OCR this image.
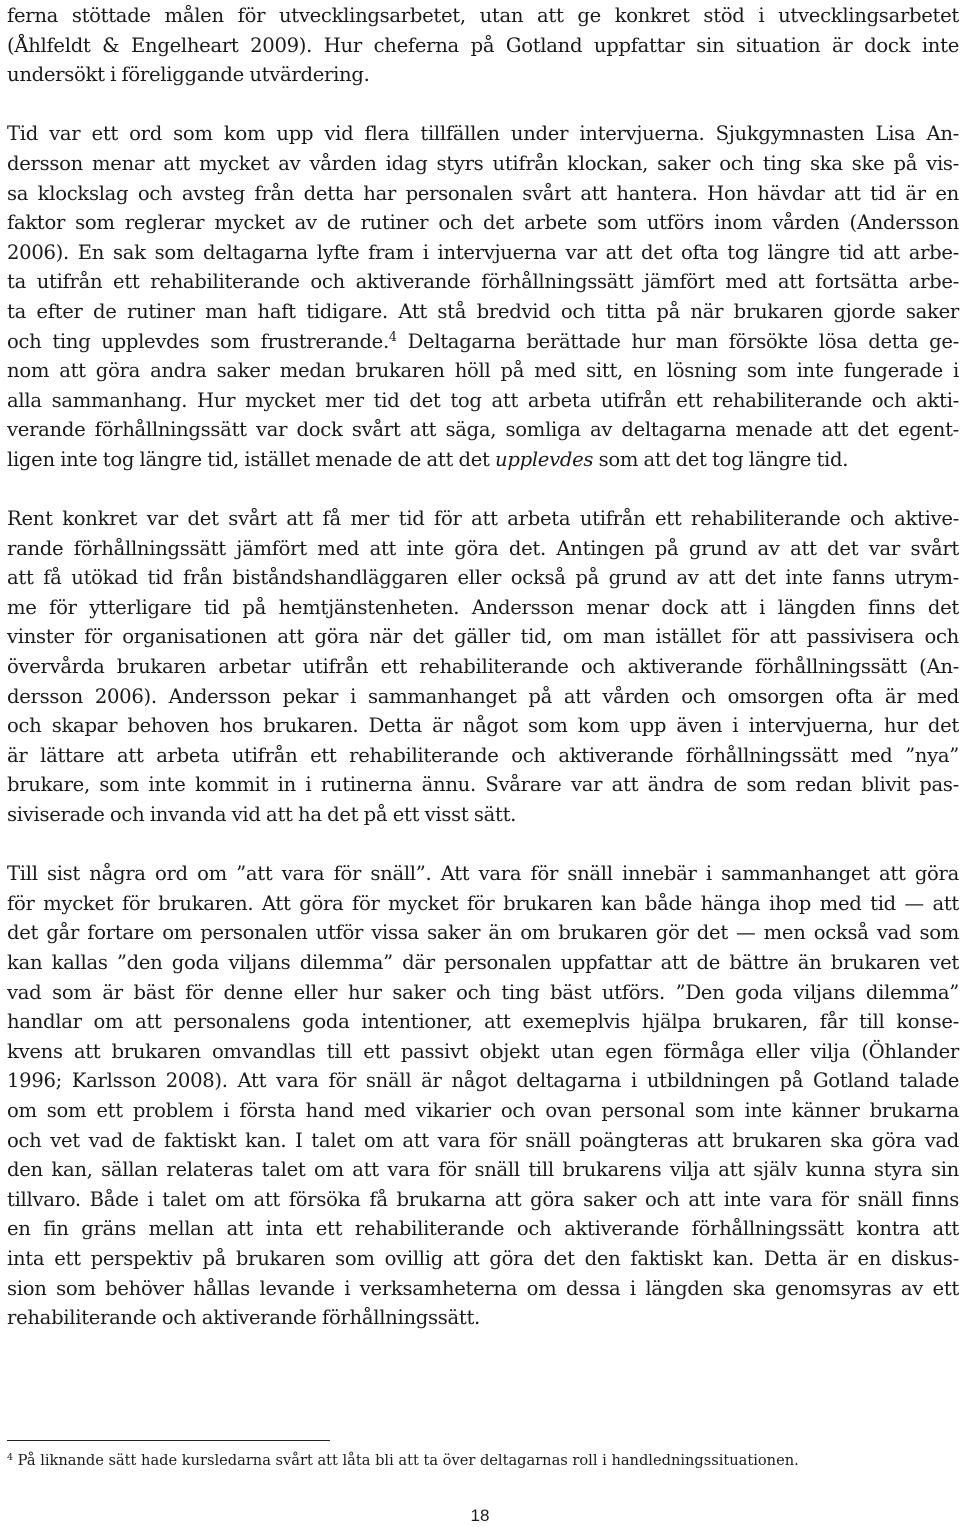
ferna stöttade målen för utvecklingsarbetet, utan att ge konkret stöd i utvecklingsarbetet
(Åhlfeldt & Engelheart 2009). Hur cheferna på Gotland uppfattar sin situation är dock inte
undersökt i föreliggande utvärdering.

Tid var ett ord som kom upp vid flera tillfällen under intervjuerna. Sjukgymnasten Lisa An-
dersson menar att mycket av vården idag styrs utifrån klockan, saker och ting ska ske på vis-
sa klockslag och avsteg från detta har personalen svårt att hantera. Hon hävdar att tid är en
faktor som reglerar mycket av de rutiner och det arbete som utförs inom vården (Andersson
2006). En sak som deltagarna lyfte fram i intervjuerna var att det ofta tog längre tid att arbe-
ta utifrån ett rehabiliterande och aktiverande förhållningssätt jämfört med att fortsätta arbe-
ta efter de rutiner man haft tidigare. Att stå bredvid och titta på när brukaren gjorde saker
och ting upplevdes som frustrerande.$^4$ Deltagarna berättade hur man försökte lösa detta ge-
nom att göra andra saker medan brukaren höll på med sitt, en lösning som inte fungerade i
alla sammanhang. Hur mycket mer tid det tog att arbeta utifrån ett rehabiliterande och akti-
verande förhållningssätt var dock svårt att säga, somliga av deltagarna menade att det egent-
ligen inte tog längre tid, istället menade de att det upplevdes som att det tog längre tid.

Rent konkret var det svårt att få mer tid för att arbeta utifrån ett rehabiliterande och aktive-
rande förhållningssätt jämfört med att inte göra det. Antingen på grund av att det var svårt
att få utökad tid från biståndshandläggaren eller också på grund av att det inte fanns utrym-
me för ytterligare tid på hemtjänstenheten. Andersson menar dock att i längden finns det
vinster för organisationen att göra när det gäller tid, om man istället för att passivisera och
övervårda brukaren arbetar utifrån ett rehabiliterande och aktiverande förhållningssätt (An-
dersson 2006). Andersson pekar i sammanhanget på att vården och omsorgen ofta är med
och skapar behoven hos brukaren. Detta är något som kom upp även i intervjuerna, hur det
är lättare att arbeta utifrån ett rehabiliterande och aktiverande förhållningssätt med ”nya”
brukare, som inte kommit in i rutinerna ännu. Svårare var att ändra de som redan blivit pas-
siviserade och invanda vid att ha det på ett visst sätt.

Till sist några ord om ”att vara för snäll”. Att vara för snäll innebär i sammanhanget att göra
för mycket för brukaren. Att göra för mycket för brukaren kan både hänga ihop med tid — att
det går fortare om personalen utför vissa saker än om brukaren gör det — men också vad som
kan kallas ”den goda viljans dilemma” där personalen uppfattar att de bättre än brukaren vet
vad som är bäst för denne eller hur saker och ting bäst utförs. ”Den goda viljans dilemma”
handlar om att personalens goda intentioner, att exemeplvis hjälpa brukaren, får till konse-
kvens att brukaren omvandlas till ett passivt objekt utan egen förmåga eller vilja (Öhlander
1996; Karlsson 2008). Att vara för snäll är något deltagarna i utbildningen på Gotland talade
om som ett problem i första hand med vikarier och ovan personal som inte känner brukarna
och vet vad de faktiskt kan. I talet om att vara för snäll poängteras att brukaren ska göra vad
den kan, sällan relateras talet om att vara för snäll till brukarens vilja att själv kunna styra sin
tillvaro. Både i talet om att försöka få brukarna att göra saker och att inte vara för snäll finns
en fin gräns mellan att inta ett rehabiliterande och aktiverande förhållningssätt kontra att
inta ett perspektiv på brukaren som ovillig att göra det den faktiskt kan. Detta är en diskus-
sion som behöver hållas levande i verksamheterna om dessa i längden ska genomsyras av ett
rehabiliterande och aktiverande förhållningssätt.

$^4$ På liknande sätt hade kursledarna svårt att låta bli att ta över deltagarnas roll i handledningssituationen.
18
